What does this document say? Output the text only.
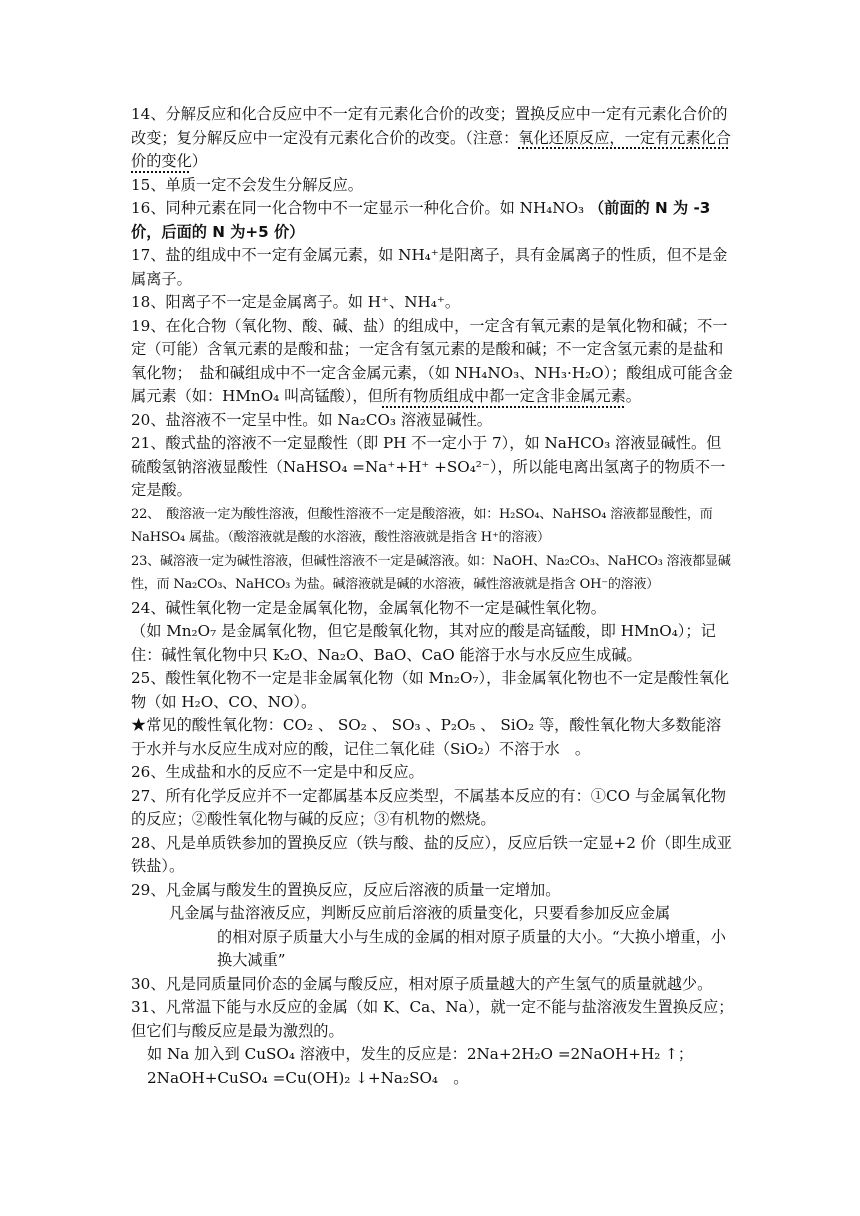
14、分解反应和化合反应中不一定有元素化合价的改变；置换反应中一定有元素化合价的改变；复分解反应中一定没有元素化合价的改变。（注意：氧化还原反应，一定有元素化合价的变化）

15、单质一定不会发生分解反应。

16、同种元素在同一化合物中不一定显示一种化合价。如 NH₄NO₃ （前面的 N 为 -3 价，后面的 N 为+5 价）

17、盐的组成中不一定有金属元素，如 NH₄⁺是阳离子，具有金属离子的性质，但不是金属离子。

18、阳离子不一定是金属离子。如 H⁺、NH₄⁺。

19、在化合物（氧化物、酸、碱、盐）的组成中，一定含有氧元素的是氧化物和碱；不一定（可能）含氧元素的是酸和盐；一定含有氢元素的是酸和碱；不一定含氢元素的是盐和氧化物；　盐和碱组成中不一定含金属元素，（如 NH₄NO₃、NH₃·H₂O）；酸组成可能含金属元素（如：HMnO₄ 叫高锰酸），但所有物质组成中都一定含非金属元素。

20、盐溶液不一定呈中性。如 Na₂CO₃ 溶液显碱性。

21、酸式盐的溶液不一定显酸性（即 PH 不一定小于 7），如 NaHCO₃ 溶液显碱性。但硫酸氢钠溶液显酸性（NaHSO₄ =Na⁺+H⁺ +SO₄²⁻），所以能电离出氢离子的物质不一定是酸。

22、　酸溶液一定为酸性溶液，但酸性溶液不一定是酸溶液，如：H₂SO₄、NaHSO₄ 溶液都显酸性，而 NaHSO₄ 属盐。（酸溶液就是酸的水溶液，酸性溶液就是指含 H⁺的溶液）

23、碱溶液一定为碱性溶液，但碱性溶液不一定是碱溶液。如：NaOH、Na₂CO₃、NaHCO₃ 溶液都显碱性，而 Na₂CO₃、NaHCO₃ 为盐。碱溶液就是碱的水溶液，碱性溶液就是指含 OH⁻的溶液）

24、碱性氧化物一定是金属氧化物，金属氧化物不一定是碱性氧化物。

（如 Mn₂O₇ 是金属氧化物，但它是酸氧化物，其对应的酸是高锰酸，即 HMnO₄）；记住：碱性氧化物中只 K₂O、Na₂O、BaO、CaO 能溶于水与水反应生成碱。

25、酸性氧化物不一定是非金属氧化物（如 Mn₂O₇），非金属氧化物也不一定是酸性氧化物（如 H₂O、CO、NO）。

★常见的酸性氧化物：CO₂ 、 SO₂ 、 SO₃ 、P₂O₅ 、 SiO₂ 等，酸性氧化物大多数能溶于水并与水反应生成对应的酸，记住二氧化硅（SiO₂）不溶于水　。

26、生成盐和水的反应不一定是中和反应。

27、所有化学反应并不一定都属基本反应类型，不属基本反应的有：①CO 与金属氧化物的反应；②酸性氧化物与碱的反应；③有机物的燃烧。

28、凡是单质铁参加的置换反应（铁与酸、盐的反应），反应后铁一定显+2 价（即生成亚铁盐）。

29、凡金属与酸发生的置换反应，反应后溶液的质量一定增加。

凡金属与盐溶液反应，判断反应前后溶液的质量变化，只要看参加反应金属

的相对原子质量大小与生成的金属的相对原子质量的大小。“大换小增重，小换大减重”

30、凡是同质量同价态的金属与酸反应，相对原子质量越大的产生氢气的质量就越少。31、凡常温下能与水反应的金属（如 K、Ca、Na），就一定不能与盐溶液发生置换反应；但它们与酸反应是最为激烈的。

如 Na 加入到 CuSO₄ 溶液中，发生的反应是：2Na+2H₂O =2NaOH+H₂ ↑；2NaOH+CuSO₄ =Cu(OH)₂ ↓+Na₂SO₄　。
